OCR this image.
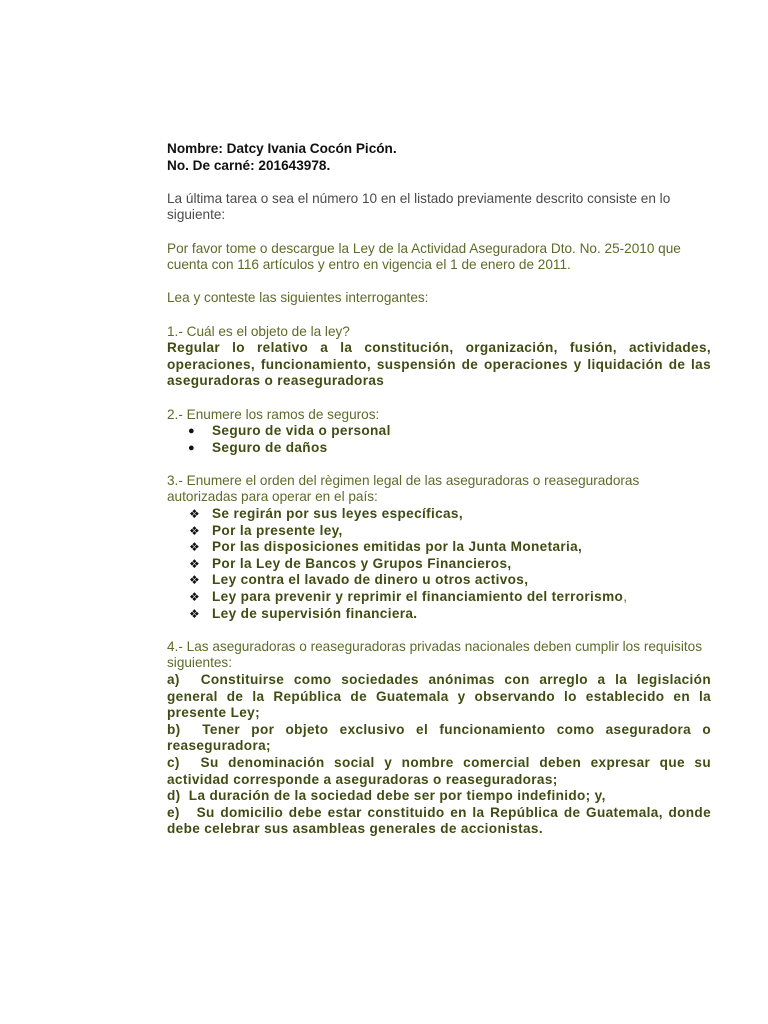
Nombre: Datcy Ivania Cocón Picón.

No. De carné: 201643978.

La última tarea o sea el número 10 en el listado previamente descrito consiste en lo siguiente:

Por favor tome o descargue la Ley de la Actividad Aseguradora Dto. No. 25-2010 que cuenta con 116 artículos y entro en vigencia el 1 de enero de 2011.

Lea y conteste las siguientes interrogantes:

1.- Cuál es el objeto de la ley?

Regular lo relativo a la constitución, organización, fusión, actividades, operaciones, funcionamiento, suspensión de operaciones y liquidación de las aseguradoras o reaseguradoras

2.- Enumere los ramos de seguros:

● Seguro de vida o personal
● Seguro de daños

3.- Enumere el orden del règimen legal de las aseguradoras o reaseguradoras autorizadas para operar en el país:

❖ Se regirán por sus leyes específicas,
❖ Por la presente ley,
❖ Por las disposiciones emitidas por la Junta Monetaria,
❖ Por la Ley de Bancos y Grupos Financieros,
❖ Ley contra el lavado de dinero u otros activos,
❖ Ley para prevenir y reprimir el financiamiento del terrorismo,
❖ Ley de supervisión financiera.

4.- Las aseguradoras o reaseguradoras privadas nacionales deben cumplir los requisitos siguientes:

a) Constituirse como sociedades anónimas con arreglo a la legislación general de la República de Guatemala y observando lo establecido en la presente Ley;

b) Tener por objeto exclusivo el funcionamiento como aseguradora o reaseguradora;

c) Su denominación social y nombre comercial deben expresar que su actividad corresponde a aseguradoras o reaseguradoras;

d) La duración de la sociedad debe ser por tiempo indefinido; y,

e) Su domicilio debe estar constituido en la República de Guatemala, donde debe celebrar sus asambleas generales de accionistas.
